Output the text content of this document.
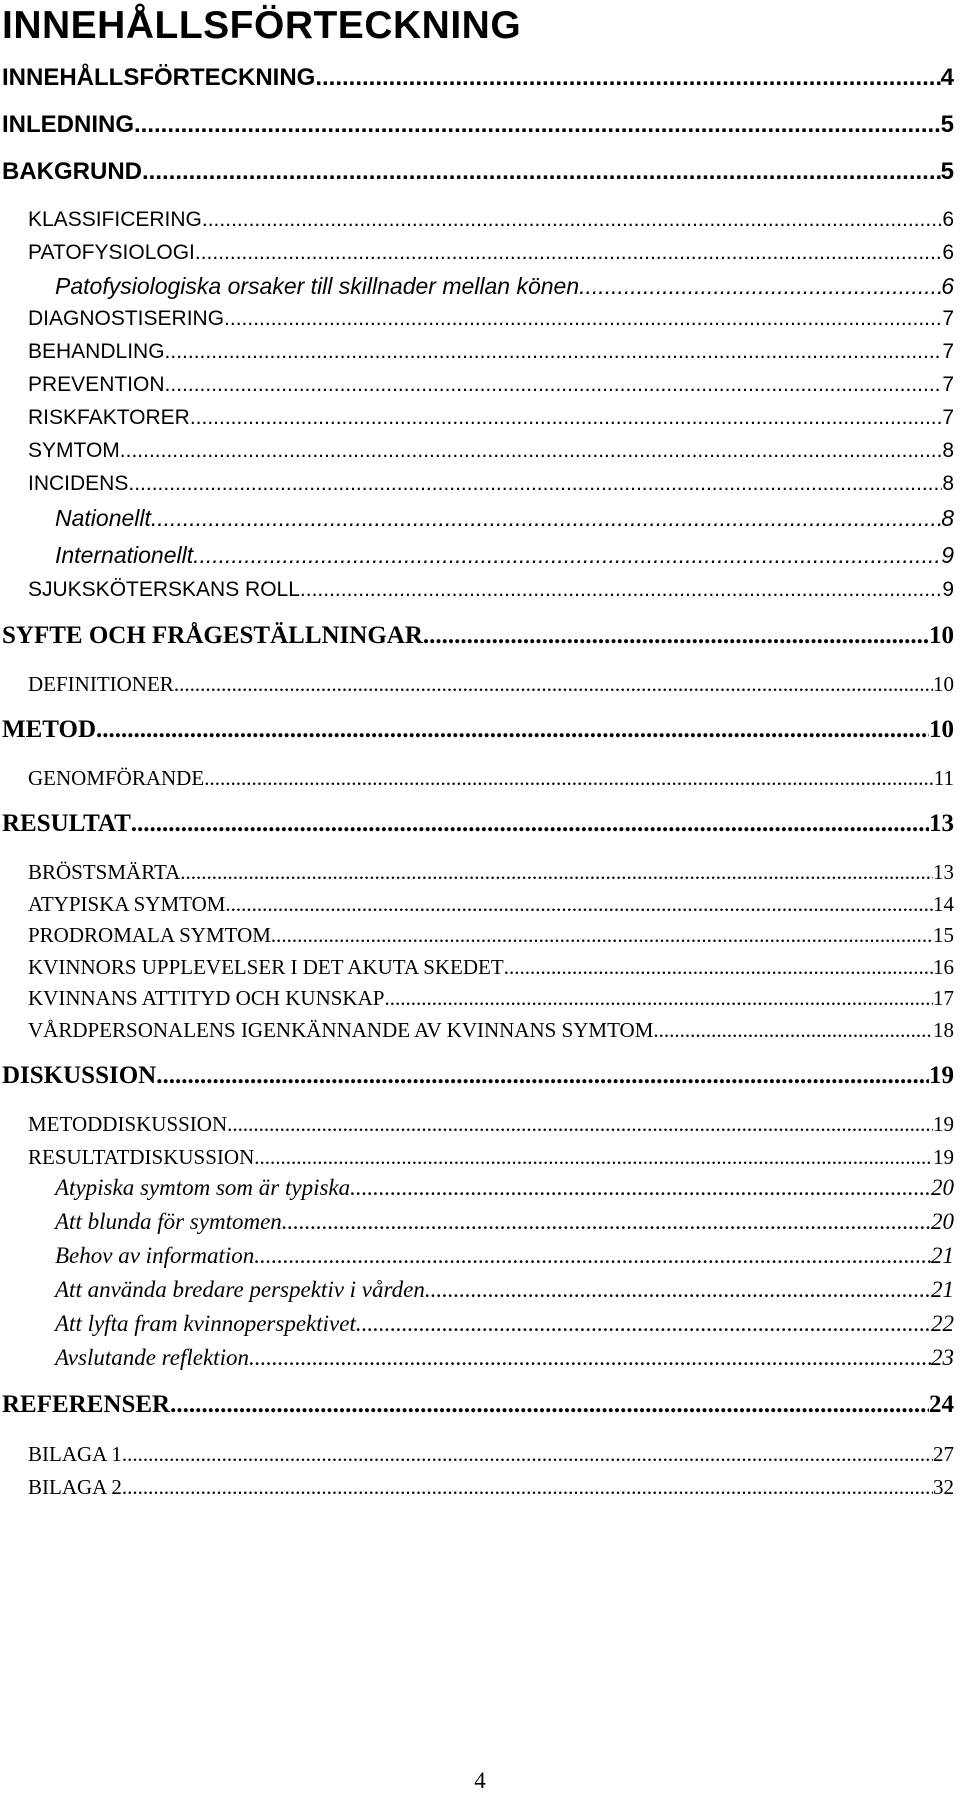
INNEHÅLLSFÖRTECKNING
INNEHÅLLSFÖRTECKNING .....	4
INLEDNING .....	5
BAKGRUND .....	5
KLASSIFICERING .....	6
PATOFYSIOLOGI .....	6
Patofysiologiska orsaker till skillnader mellan könen .....	6
DIAGNOSTISERING .....	7
BEHANDLING .....	7
PREVENTION .....	7
RISKFAKTORER .....	7
SYMTOM .....	8
INCIDENS .....	8
Nationellt .....	8
Internationellt .....	9
SJUKSKÖTERSKANS ROLL .....	9
SYFTE OCH FRÅGESTÄLLNINGAR .....	10
DEFINITIONER .....	10
METOD .....	10
GENOMFÖRANDE .....	11
RESULTAT .....	13
BRÖSTSMÄRTA .....	13
ATYPISKA SYMTOM .....	14
PRODROMALA SYMTOM .....	15
KVINNORS UPPLEVELSER I DET AKUTA SKEDET .....	16
KVINNANS ATTITYD OCH KUNSKAP .....	17
VÅRDPERSONALENS IGENKÄNNANDE AV KVINNANS SYMTOM .....	18
DISKUSSION .....	19
METODDISKUSSION .....	19
RESULTATDISKUSSION .....	19
Atypiska symtom som är typiska .....	20
Att blunda för symtomen .....	20
Behov av information .....	21
Att använda bredare perspektiv i vården .....	21
Att lyfta fram kvinnoperspektivet .....	22
Avslutande reflektion .....	23
REFERENSER .....	24
BILAGA 1 .....	27
BILAGA 2 .....	32
4
